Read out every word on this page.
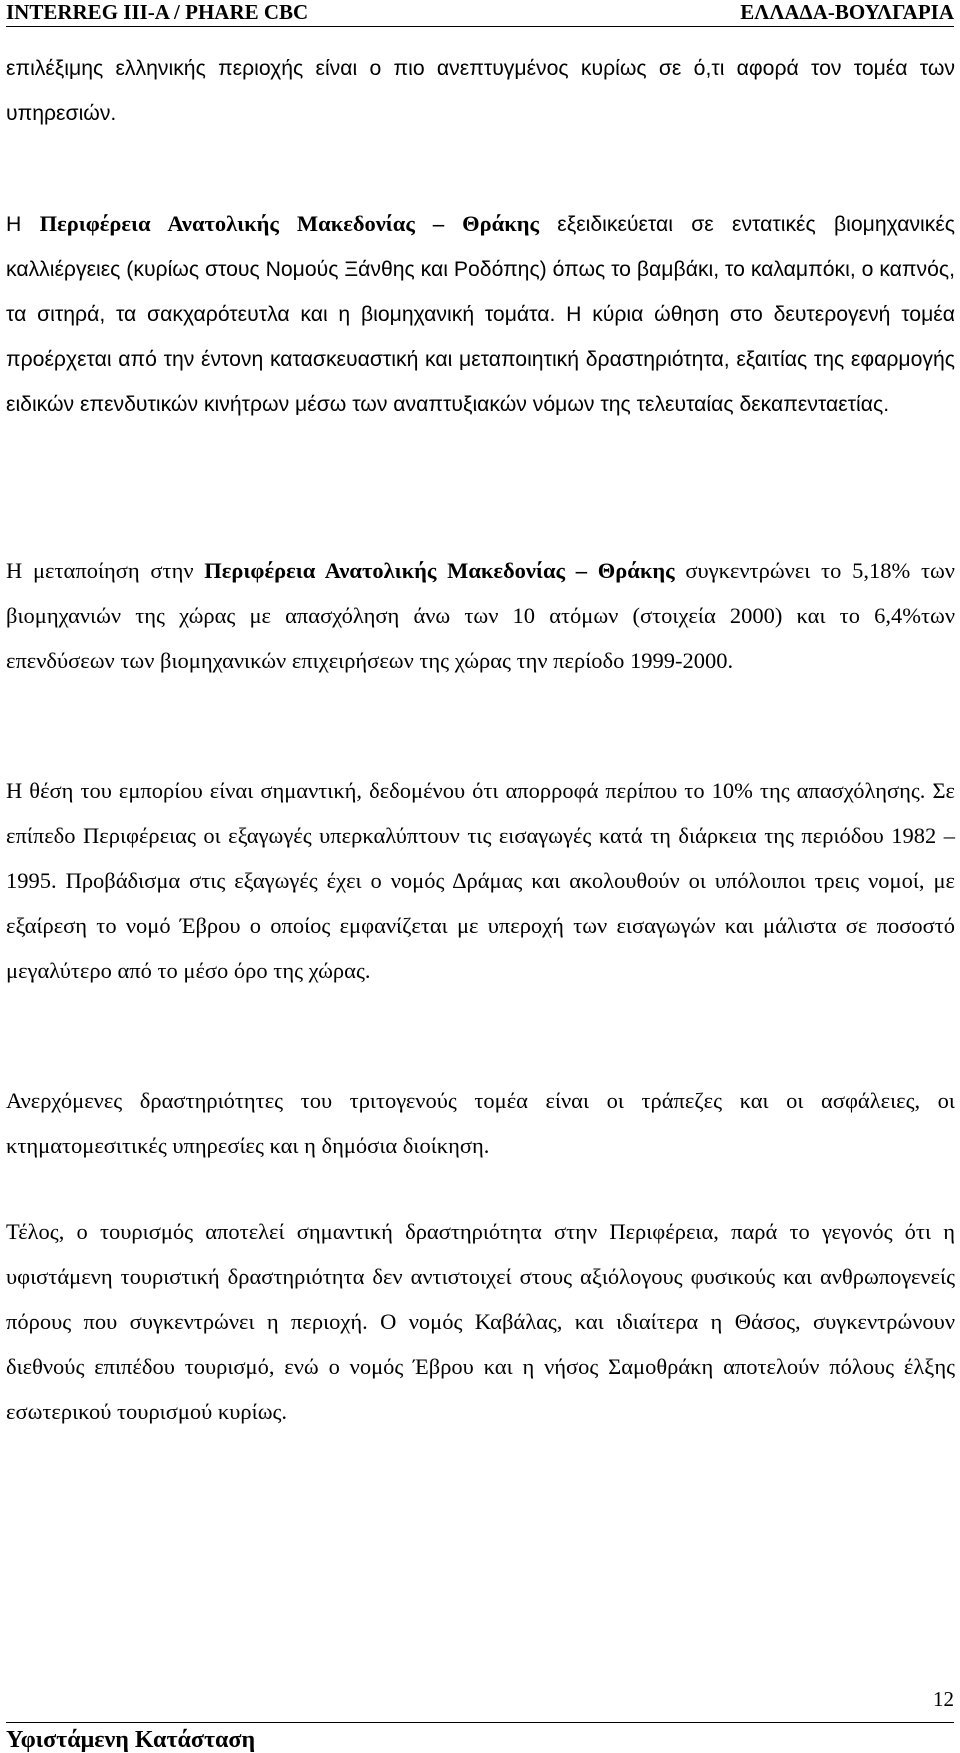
INTERREG III-A / PHARE CBC	ΕΛΛΑΔΑ-ΒΟΥΛΓΑΡΙΑ

επιλέξιμης ελληνικής περιοχής είναι ο πιο ανεπτυγμένος κυρίως σε ό,τι αφορά τον τομέα των υπηρεσιών.

Η Περιφέρεια Ανατολικής Μακεδονίας – Θράκης εξειδικεύεται σε εντατικές βιομηχανικές καλλιέργειες (κυρίως στους Νομούς Ξάνθης και Ροδόπης) όπως το βαμβάκι, το καλαμπόκι, ο καπνός, τα σιτηρά, τα σακχαρότευτλα και η βιομηχανική τομάτα. Η κύρια ώθηση στο δευτερογενή τομέα προέρχεται από την έντονη κατασκευαστική και μεταποιητική δραστηριότητα, εξαιτίας της εφαρμογής ειδικών επενδυτικών κινήτρων μέσω των αναπτυξιακών νόμων της τελευταίας δεκαπενταετίας.

Η μεταποίηση στην Περιφέρεια Ανατολικής Μακεδονίας – Θράκης συγκεντρώνει το 5,18% των βιομηχανιών της χώρας με απασχόληση άνω των 10 ατόμων (στοιχεία 2000) και το 6,4%των επενδύσεων των βιομηχανικών επιχειρήσεων της χώρας την περίοδο 1999-2000.

Η θέση του εμπορίου είναι σημαντική, δεδομένου ότι απορροφά περίπου το 10% της απασχόλησης. Σε επίπεδο Περιφέρειας οι εξαγωγές υπερκαλύπτουν τις εισαγωγές κατά τη διάρκεια της περιόδου 1982 – 1995. Προβάδισμα στις εξαγωγές έχει ο νομός Δράμας και ακολουθούν οι υπόλοιποι τρεις νομοί, με εξαίρεση το νομό Έβρου ο οποίος εμφανίζεται με υπεροχή των εισαγωγών και μάλιστα σε ποσοστό μεγαλύτερο από το μέσο όρο της χώρας.

Ανερχόμενες δραστηριότητες του τριτογενούς τομέα είναι οι τράπεζες και οι ασφάλειες, οι κτηματομεσιτικές υπηρεσίες και η δημόσια διοίκηση.

Τέλος, ο τουρισμός αποτελεί σημαντική δραστηριότητα στην Περιφέρεια, παρά το γεγονός ότι η υφιστάμενη τουριστική δραστηριότητα δεν αντιστοιχεί στους αξιόλογους φυσικούς και ανθρωπογενείς πόρους που συγκεντρώνει η περιοχή. Ο νομός Καβάλας, και ιδιαίτερα η Θάσος, συγκεντρώνουν διεθνούς επιπέδου τουρισμό, ενώ ο νομός Έβρου και η νήσος Σαμοθράκη αποτελούν πόλους έλξης εσωτερικού τουρισμού κυρίως.

Υφιστάμενη Κατάσταση
12
